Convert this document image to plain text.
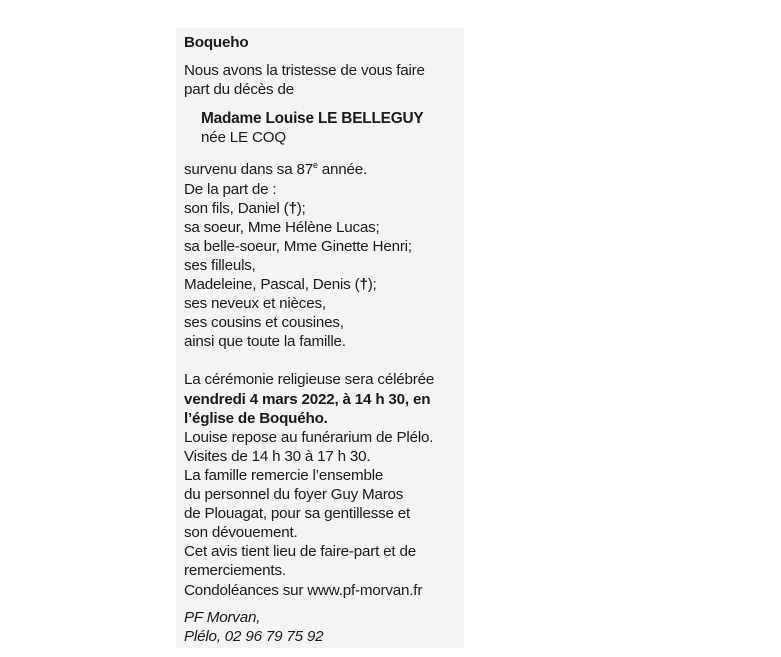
Boqueho
Nous avons la tristesse de vous faire
part du décès de
Madame Louise LE BELLEGUY
née LE COQ
survenu dans sa 87e année.
De la part de :
son fils, Daniel (†);
sa soeur, Mme Hélène Lucas;
sa belle-soeur, Mme Ginette Henri;
ses filleuls,
Madeleine, Pascal, Denis (†);
ses neveux et nièces,
ses cousins et cousines,
ainsi que toute la famille.
La cérémonie religieuse sera célébrée
vendredi 4 mars 2022, à 14 h 30, en
l’église de Boquého.
Louise repose au funérarium de Plélo.
Visites de 14 h 30 à 17 h 30.
La famille remercie l’ensemble
du personnel du foyer Guy Maros
de Plouagat, pour sa gentillesse et
son dévouement.
Cet avis tient lieu de faire-part et de
remerciements.
Condoléances sur www.pf-morvan.fr
PF Morvan,
Plélo, 02 96 79 75 92
